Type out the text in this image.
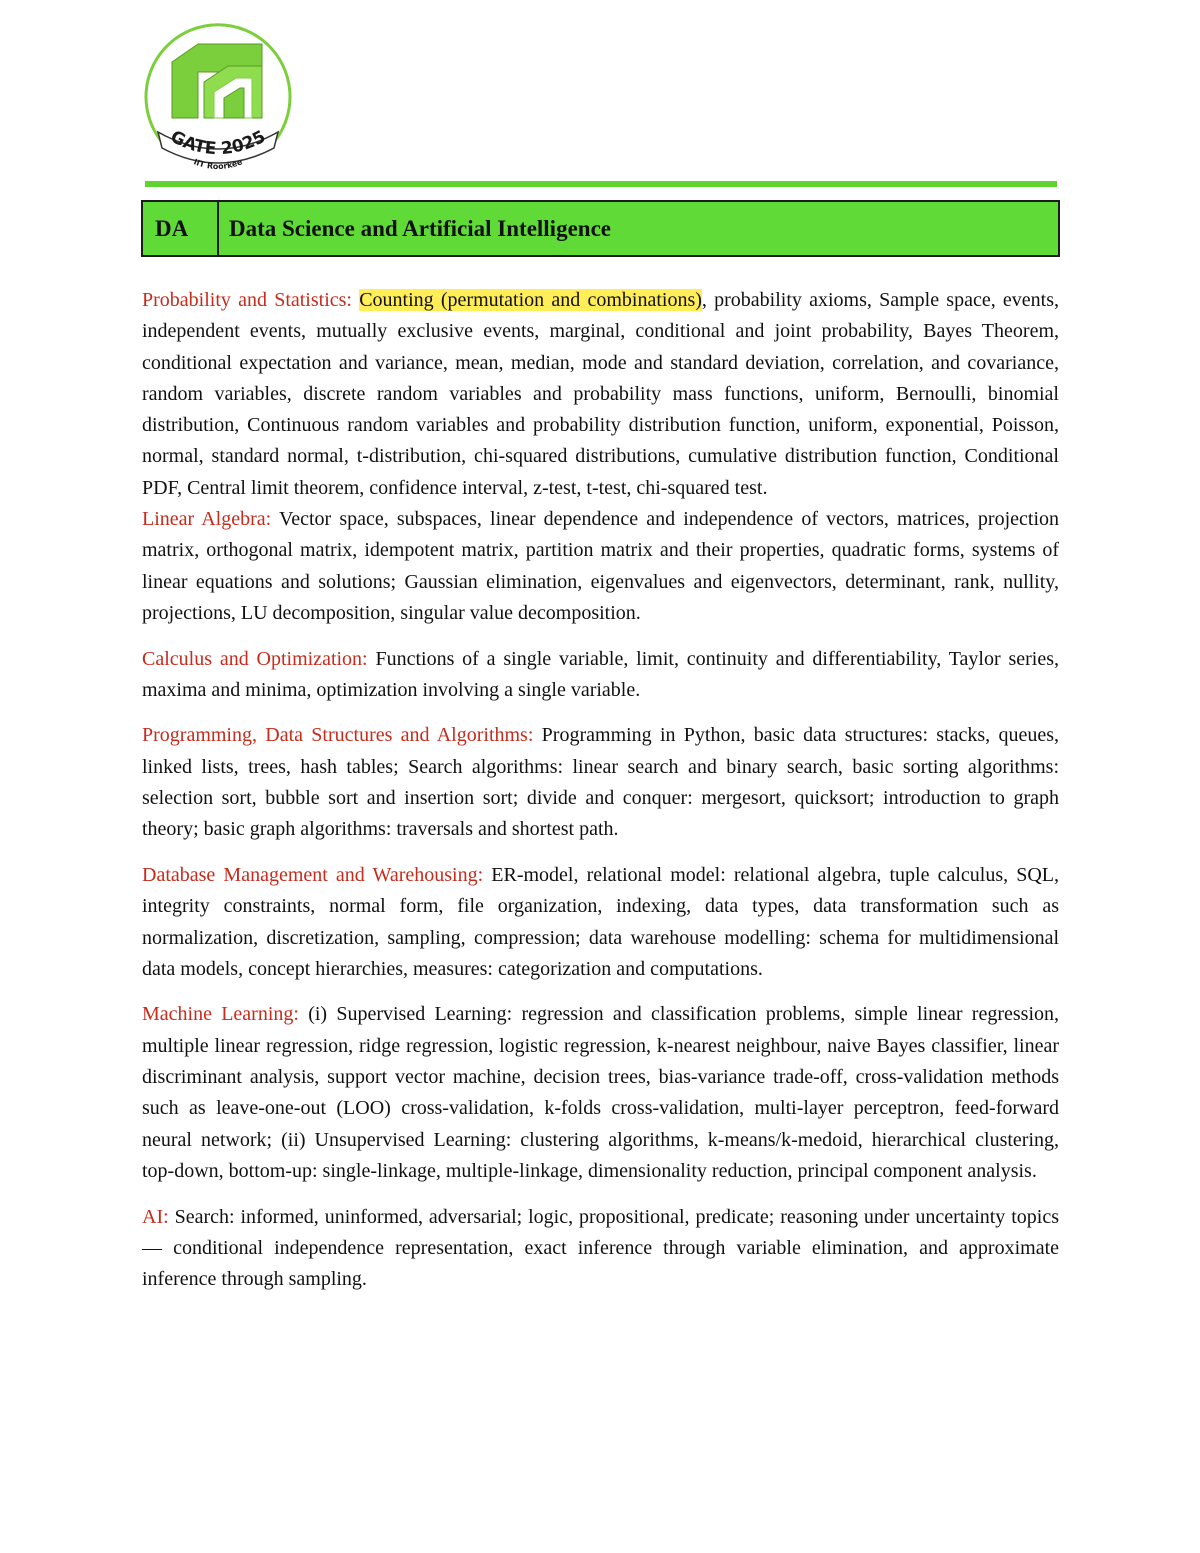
GATE 2025
IIT Roorkee
DA	Data Science and Artificial Intelligence

Probability and Statistics: Counting (permutation and combinations), probability axioms, Sample space, events, independent events, mutually exclusive events, marginal, conditional and joint probability, Bayes Theorem, conditional expectation and variance, mean, median, mode and standard deviation, correlation, and covariance, random variables, discrete random variables and probability mass functions, uniform, Bernoulli, binomial distribution, Continuous random variables and probability distribution function, uniform, exponential, Poisson, normal, standard normal, t-distribution, chi-squared distributions, cumulative distribution function, Conditional PDF, Central limit theorem, confidence interval, z-test, t-test, chi-squared test.

Linear Algebra: Vector space, subspaces, linear dependence and independence of vectors, matrices, projection matrix, orthogonal matrix, idempotent matrix, partition matrix and their properties, quadratic forms, systems of linear equations and solutions; Gaussian elimination, eigenvalues and eigenvectors, determinant, rank, nullity, projections, LU decomposition, singular value decomposition.

Calculus and Optimization: Functions of a single variable, limit, continuity and differentiability, Taylor series, maxima and minima, optimization involving a single variable.

Programming, Data Structures and Algorithms: Programming in Python, basic data structures: stacks, queues, linked lists, trees, hash tables; Search algorithms: linear search and binary search, basic sorting algorithms: selection sort, bubble sort and insertion sort; divide and conquer: mergesort, quicksort; introduction to graph theory; basic graph algorithms: traversals and shortest path.

Database Management and Warehousing: ER-model, relational model: relational algebra, tuple calculus, SQL, integrity constraints, normal form, file organization, indexing, data types, data transformation such as normalization, discretization, sampling, compression; data warehouse modelling: schema for multidimensional data models, concept hierarchies, measures: categorization and computations.

Machine Learning: (i) Supervised Learning: regression and classification problems, simple linear regression, multiple linear regression, ridge regression, logistic regression, k-nearest neighbour, naive Bayes classifier, linear discriminant analysis, support vector machine, decision trees, bias-variance trade-off, cross-validation methods such as leave-one-out (LOO) cross-validation, k-folds cross-validation, multi-layer perceptron, feed-forward neural network; (ii) Unsupervised Learning: clustering algorithms, k-means/k-medoid, hierarchical clustering, top-down, bottom-up: single-linkage, multiple-linkage, dimensionality reduction, principal component analysis.

AI: Search: informed, uninformed, adversarial; logic, propositional, predicate; reasoning under uncertainty topics — conditional independence representation, exact inference through variable elimination, and approximate inference through sampling.
